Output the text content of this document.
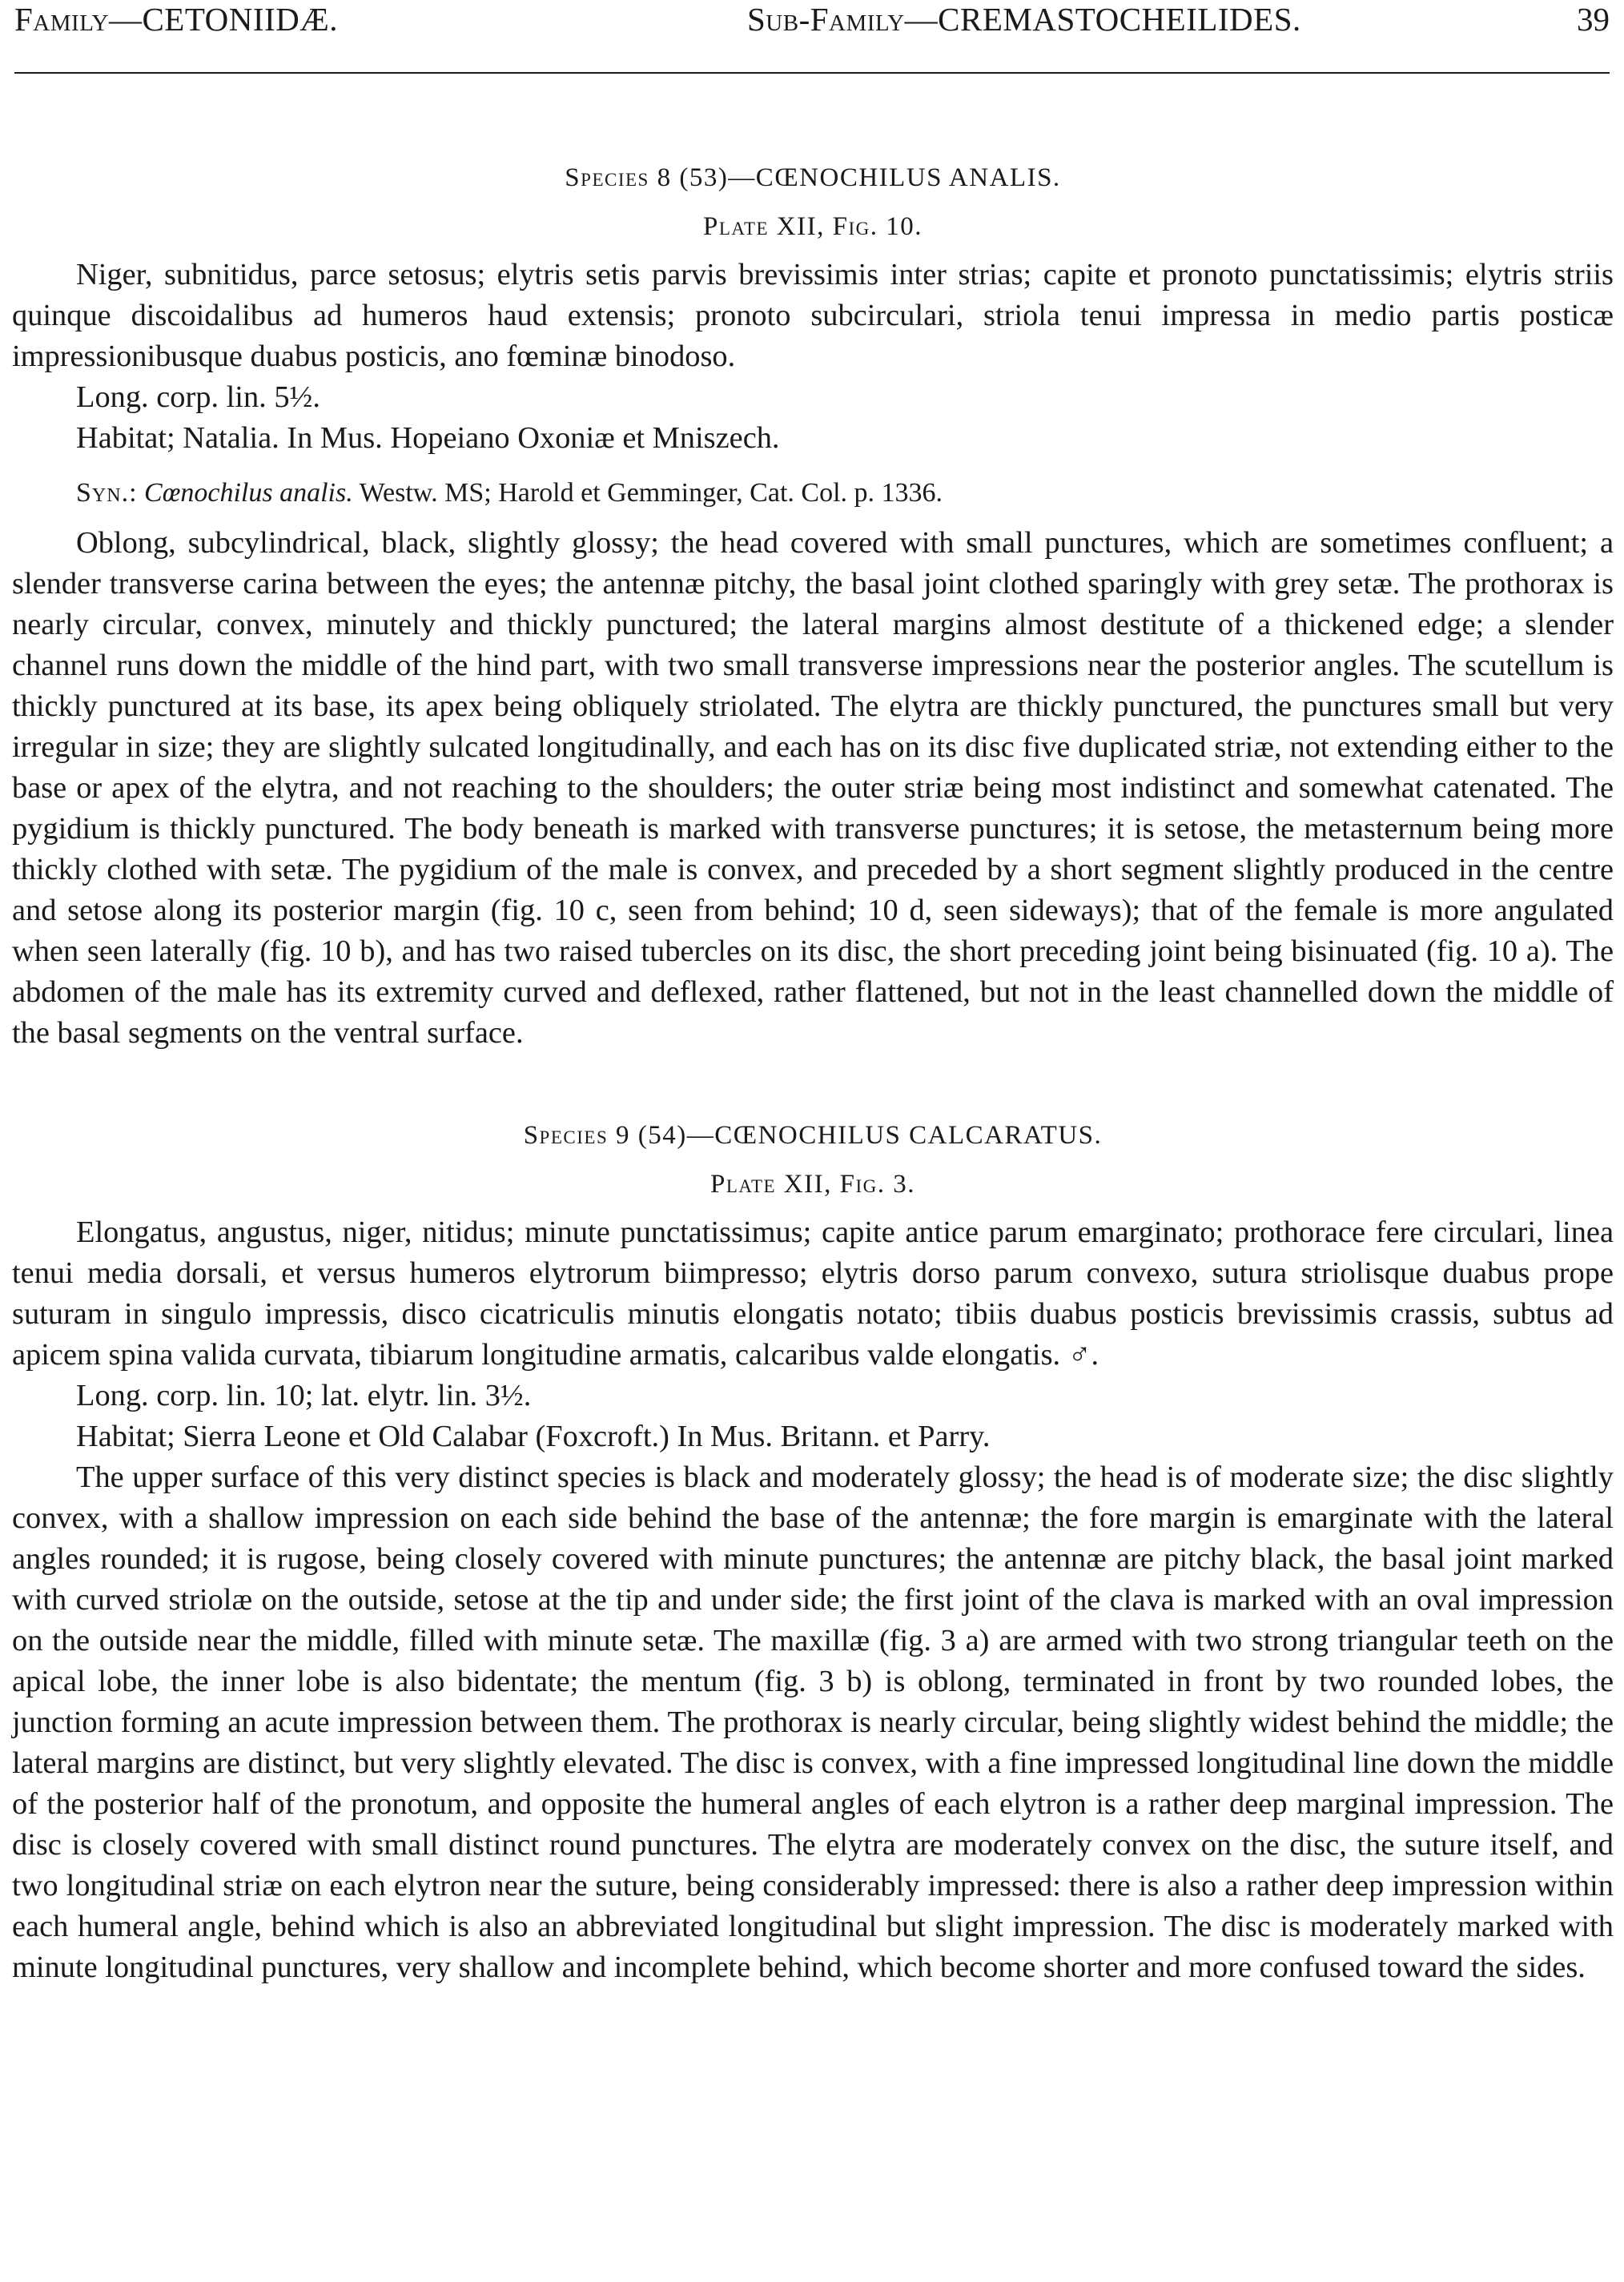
Family—CETONIIDÆ.	Sub-Family—CREMASTOCHEILIDES.	39
Species 8 (53)—CŒNOCHILUS ANALIS.
Plate XII, Fig. 10.

Niger, subnitidus, parce setosus; elytris setis parvis brevissimis inter strias; capite et pronoto punctatissimis; elytris striis quinque discoidalibus ad humeros haud extensis; pronoto subcirculari, striola tenui impressa in medio partis posticæ impressionibusque duabus posticis, ano fœminæ binodoso.

Long. corp. lin. 5½.

Habitat; Natalia. In Mus. Hopeiano Oxoniæ et Mniszech.

Syn.: Cœnochilus analis. Westw. MS; Harold et Gemminger, Cat. Col. p. 1336.

Oblong, subcylindrical, black, slightly glossy; the head covered with small punctures, which are sometimes confluent; a slender transverse carina between the eyes; the antennæ pitchy, the basal joint clothed sparingly with grey setæ. The prothorax is nearly circular, convex, minutely and thickly punctured; the lateral margins almost destitute of a thickened edge; a slender channel runs down the middle of the hind part, with two small transverse impressions near the posterior angles. The scutellum is thickly punctured at its base, its apex being obliquely striolated. The elytra are thickly punctured, the punctures small but very irregular in size; they are slightly sulcated longitudinally, and each has on its disc five duplicated striæ, not extending either to the base or apex of the elytra, and not reaching to the shoulders; the outer striæ being most indistinct and somewhat catenated. The pygidium is thickly punctured. The body beneath is marked with transverse punctures; it is setose, the metasternum being more thickly clothed with setæ. The pygidium of the male is convex, and preceded by a short segment slightly produced in the centre and setose along its posterior margin (fig. 10 c, seen from behind; 10 d, seen sideways); that of the female is more angulated when seen laterally (fig. 10 b), and has two raised tubercles on its disc, the short preceding joint being bisinuated (fig. 10 a). The abdomen of the male has its extremity curved and deflexed, rather flattened, but not in the least channelled down the middle of the basal segments on the ventral surface.

Species 9 (54)—CŒNOCHILUS CALCARATUS.
Plate XII, Fig. 3.

Elongatus, angustus, niger, nitidus; minute punctatissimus; capite antice parum emarginato; prothorace fere circulari, linea tenui media dorsali, et versus humeros elytrorum biimpresso; elytris dorso parum convexo, sutura striolisque duabus prope suturam in singulo impressis, disco cicatriculis minutis elongatis notato; tibiis duabus posticis brevissimis crassis, subtus ad apicem spina valida curvata, tibiarum longitudine armatis, calcaribus valde elongatis. ♂.

Long. corp. lin. 10; lat. elytr. lin. 3½.

Habitat; Sierra Leone et Old Calabar (Foxcroft.) In Mus. Britann. et Parry.

The upper surface of this very distinct species is black and moderately glossy; the head is of moderate size; the disc slightly convex, with a shallow impression on each side behind the base of the antennæ; the fore margin is emarginate with the lateral angles rounded; it is rugose, being closely covered with minute punctures; the antennæ are pitchy black, the basal joint marked with curved striolæ on the outside, setose at the tip and under side; the first joint of the clava is marked with an oval impression on the outside near the middle, filled with minute setæ. The maxillæ (fig. 3 a) are armed with two strong triangular teeth on the apical lobe, the inner lobe is also bidentate; the mentum (fig. 3 b) is oblong, terminated in front by two rounded lobes, the junction forming an acute impression between them. The prothorax is nearly circular, being slightly widest behind the middle; the lateral margins are distinct, but very slightly elevated. The disc is convex, with a fine impressed longitudinal line down the middle of the posterior half of the pronotum, and opposite the humeral angles of each elytron is a rather deep marginal impression. The disc is closely covered with small distinct round punctures. The elytra are moderately convex on the disc, the suture itself, and two longitudinal striæ on each elytron near the suture, being considerably impressed: there is also a rather deep impression within each humeral angle, behind which is also an abbreviated longitudinal but slight impression. The disc is moderately marked with minute longitudinal punctures, very shallow and incomplete behind, which become shorter and more confused toward the sides.
